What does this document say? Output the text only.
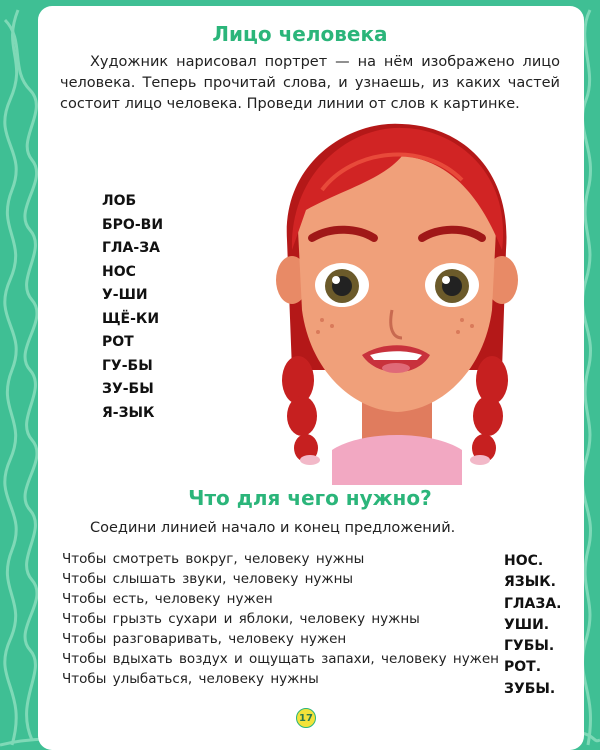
Лицо человека
Художник нарисовал портрет — на нём изображено лицо человека. Теперь прочитай слова, и узнаешь, из каких частей состоит лицо человека. Проведи линии от слов к картинке.
ЛОБ
БРО-ВИ
ГЛА-ЗА
НОС
У-ШИ
ЩЁ-КИ
РОТ
ГУ-БЫ
ЗУ-БЫ
Я-ЗЫК
Что для чего нужно?
Соедини линией начало и конец предложений.
Чтобы смотреть вокруг, человеку нужны
Чтобы слышать звуки, человеку нужны
Чтобы есть, человеку нужен
Чтобы грызть сухари и яблоки, человеку нужны
Чтобы разговаривать, человеку нужен
Чтобы вдыхать воздух и ощущать запахи, человеку нужен
Чтобы улыбаться, человеку нужны
НОС.
ЯЗЫК.
ГЛАЗА.
УШИ.
ГУБЫ.
РОТ.
ЗУБЫ.
17
